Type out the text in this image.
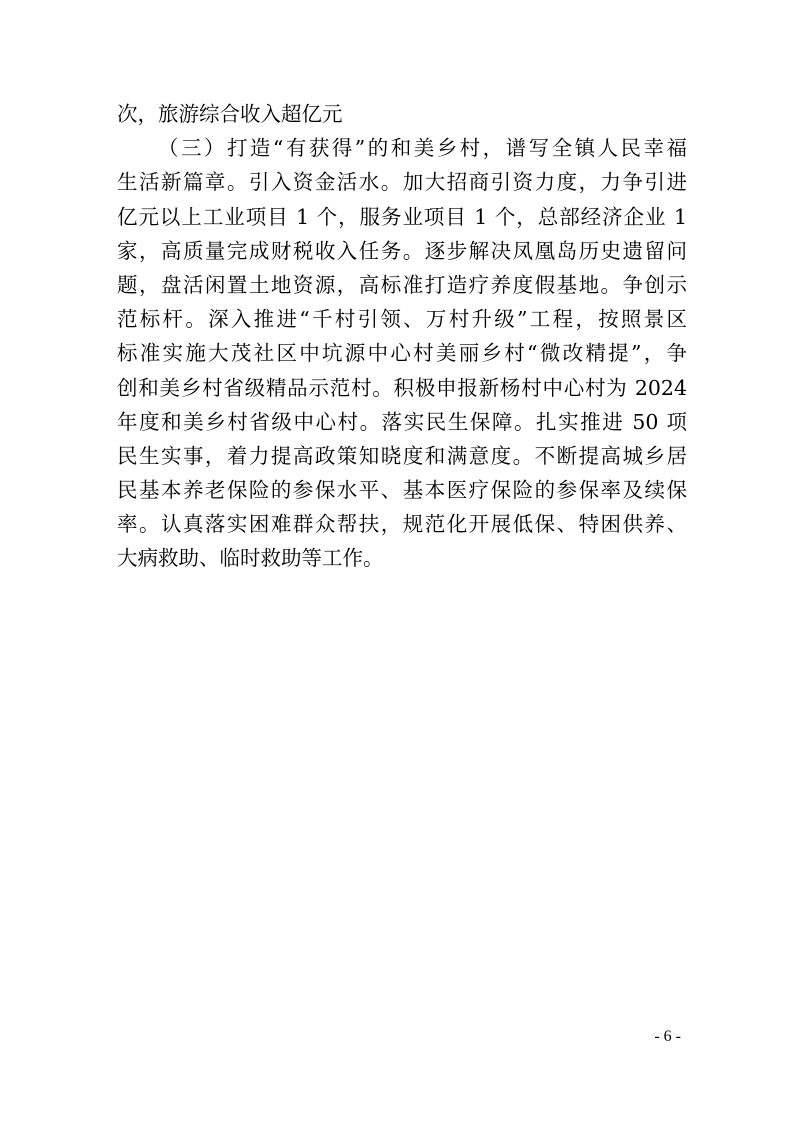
次，旅游综合收入超亿元
（三）打造“有获得”的和美乡村，谱写全镇人民幸福
生活新篇章。引入资金活水。加大招商引资力度，力争引进
亿元以上工业项目 1 个，服务业项目 1 个，总部经济企业 1
家，高质量完成财税收入任务。逐步解决凤凰岛历史遗留问
题，盘活闲置土地资源，高标准打造疗养度假基地。争创示
范标杆。深入推进“千村引领、万村升级”工程，按照景区
标准实施大茂社区中坑源中心村美丽乡村“微改精提”，争
创和美乡村省级精品示范村。积极申报新杨村中心村为 2024
年度和美乡村省级中心村。落实民生保障。扎实推进 50 项
民生实事，着力提高政策知晓度和满意度。不断提高城乡居
民基本养老保险的参保水平、基本医疗保险的参保率及续保
率。认真落实困难群众帮扶，规范化开展低保、特困供养、
大病救助、临时救助等工作。
- 6 -
